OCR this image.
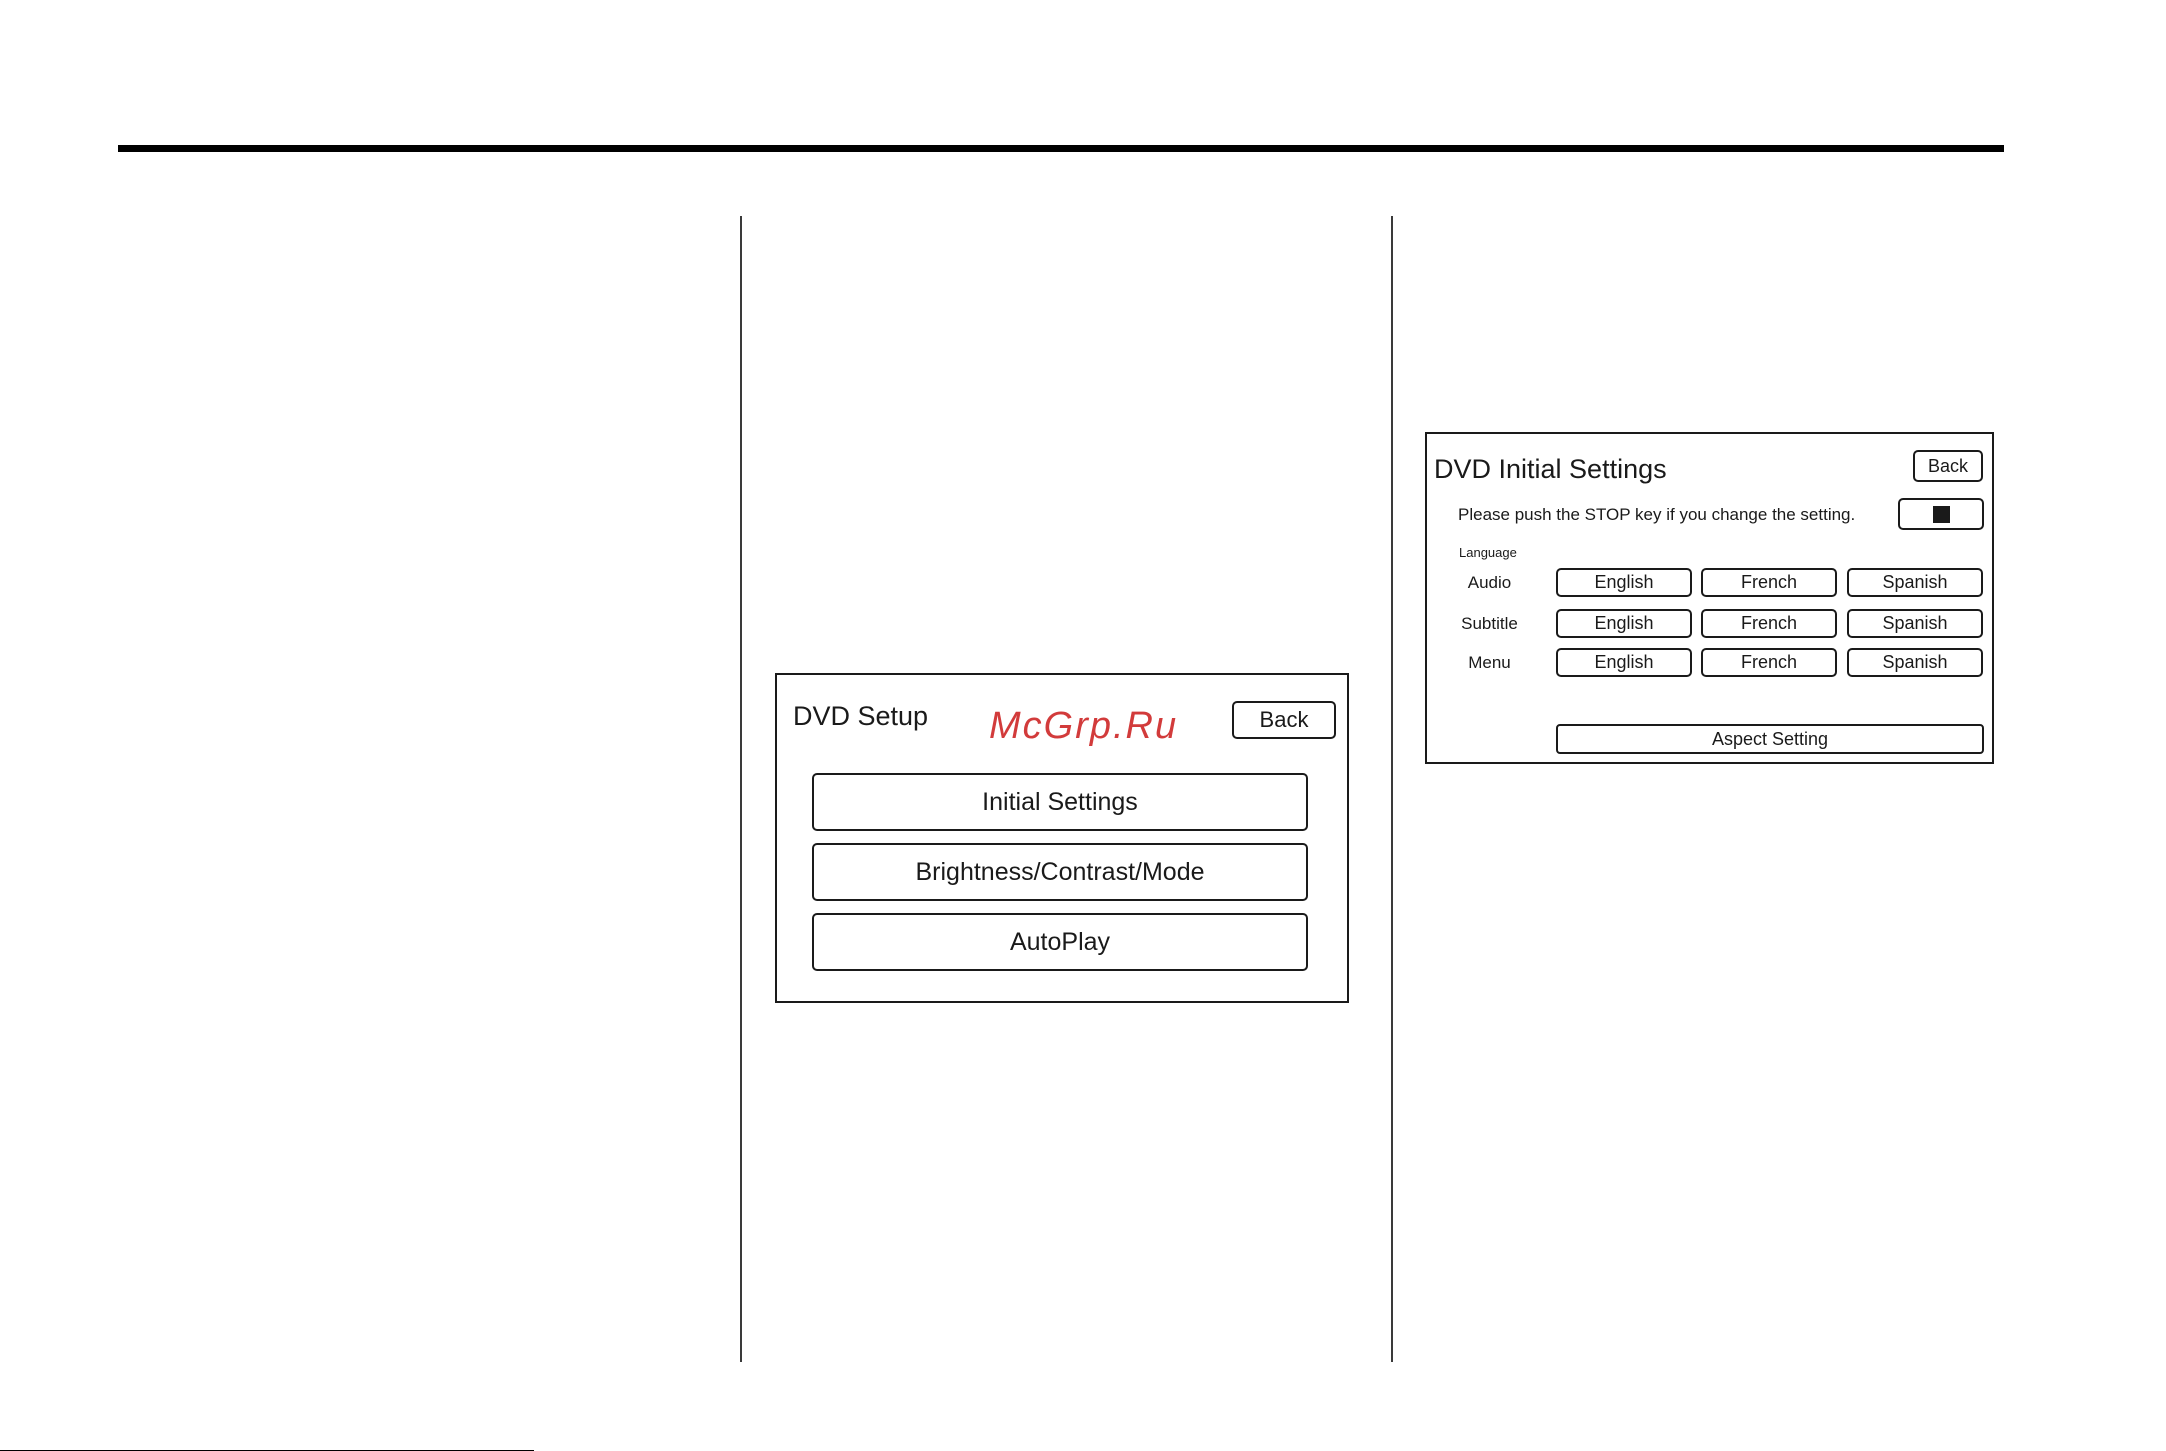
DVD Setup McGrp.Ru	Back
Initial Settings
Brightness/Contrast/Mode
AutoPlay
DVD Initial Settings	Back
Please push the STOP key if you change the setting.
Language
Audio	English	French	Spanish
Subtitle	English	French	Spanish
Menu	English	French	Spanish
Aspect Setting
